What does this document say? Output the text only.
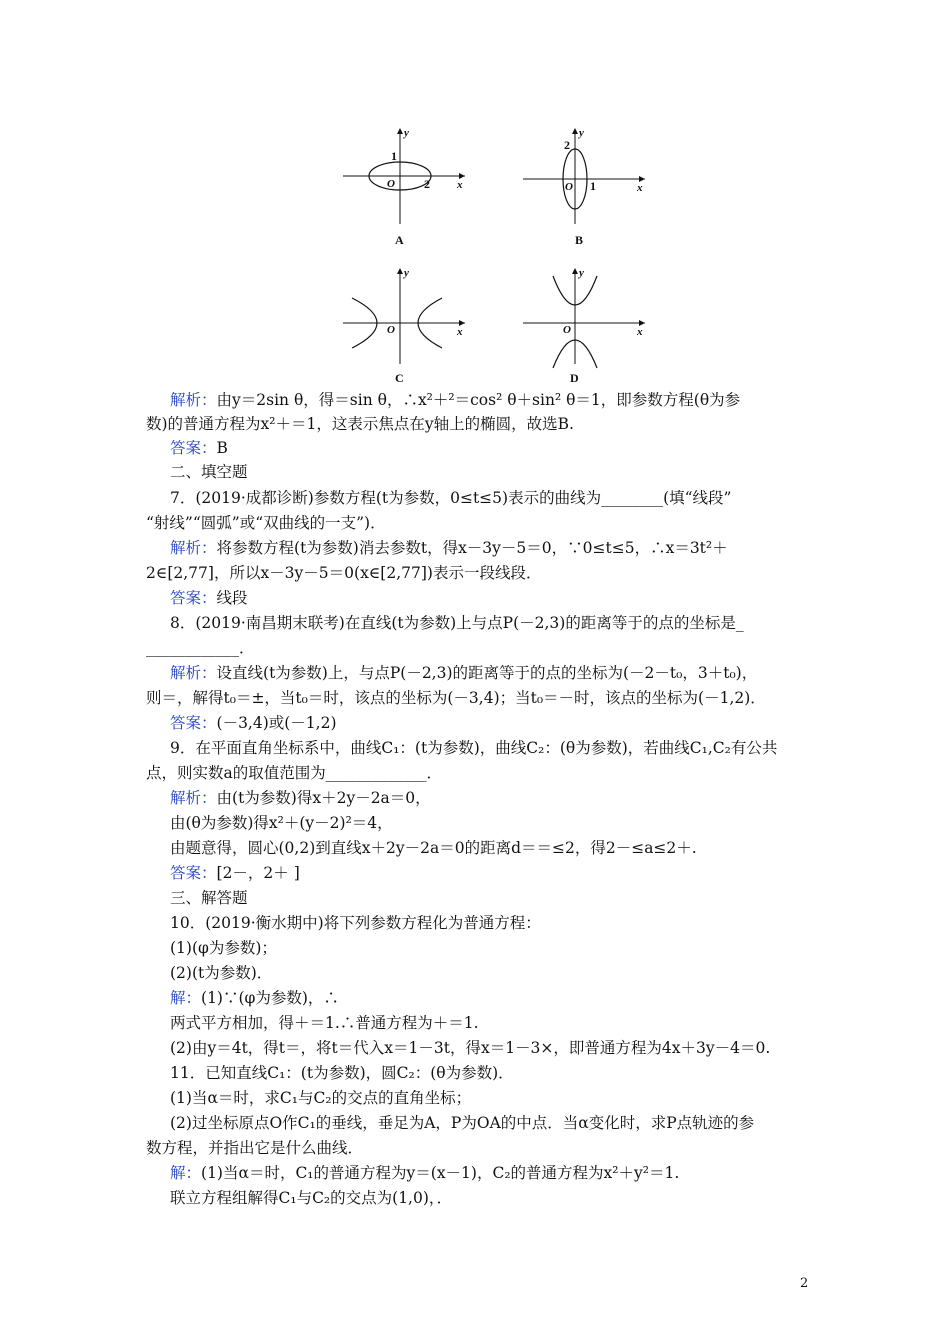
y
x
O
1
2
A
y
x
O
2
1
B
y
x
O
C
y
x
O
D
解析：由y＝2sin θ，得＝sin θ，∴x²＋²＝cos² θ＋sin² θ＝1，即参数方程(θ为参
数)的普通方程为x²＋＝1，这表示焦点在y轴上的椭圆，故选B.
答案：B
二、填空题
7．(2019·成都诊断)参数方程(t为参数，0≤t≤5)表示的曲线为________(填“线段”
“射线”“圆弧”或“双曲线的一支”)．
解析：将参数方程(t为参数)消去参数t，得x－3y－5＝0，∵0≤t≤5，∴x＝3t²＋
2∈[2,77]，所以x－3y－5＝0(x∈[2,77])表示一段线段．
答案：线段
8．(2019·南昌期末联考)在直线(t为参数)上与点P(－2,3)的距离等于的点的坐标是_
____________．
解析：设直线(t为参数)上，与点P(－2,3)的距离等于的点的坐标为(－2－t₀，3＋t₀)，
则＝，解得t₀＝±，当t₀＝时，该点的坐标为(－3,4)；当t₀＝－时，该点的坐标为(－1,2)．
答案：(－3,4)或(－1,2)
9．在平面直角坐标系中，曲线C₁：(t为参数)，曲线C₂：(θ为参数)，若曲线C₁,C₂有公共
点，则实数a的取值范围为_____________．
解析：由(t为参数)得x＋2y－2a＝0，
由(θ为参数)得x²＋(y－2)²＝4，
由题意得，圆心(0,2)到直线x＋2y－2a＝0的距离d＝＝≤2，得2－≤a≤2＋.
答案：[2－，2＋ ]
三、解答题
10．(2019·衡水期中)将下列参数方程化为普通方程：
(1)(φ为参数)；
(2)(t为参数)．
解：(1)∵(φ为参数)，∴
两式平方相加，得＋＝1.∴普通方程为＋＝1.
(2)由y＝4t，得t＝，将t＝代入x＝1－3t，得x＝1－3×，即普通方程为4x＋3y－4＝0.
11．已知直线C₁：(t为参数)，圆C₂：(θ为参数)．
(1)当α＝时，求C₁与C₂的交点的直角坐标；
(2)过坐标原点O作C₁的垂线，垂足为A，P为OA的中点．当α变化时，求P点轨迹的参
数方程，并指出它是什么曲线．
解：(1)当α＝时，C₁的普通方程为y＝(x－1)，C₂的普通方程为x²＋y²＝1.
联立方程组解得C₁与C₂的交点为(1,0)，．
2
